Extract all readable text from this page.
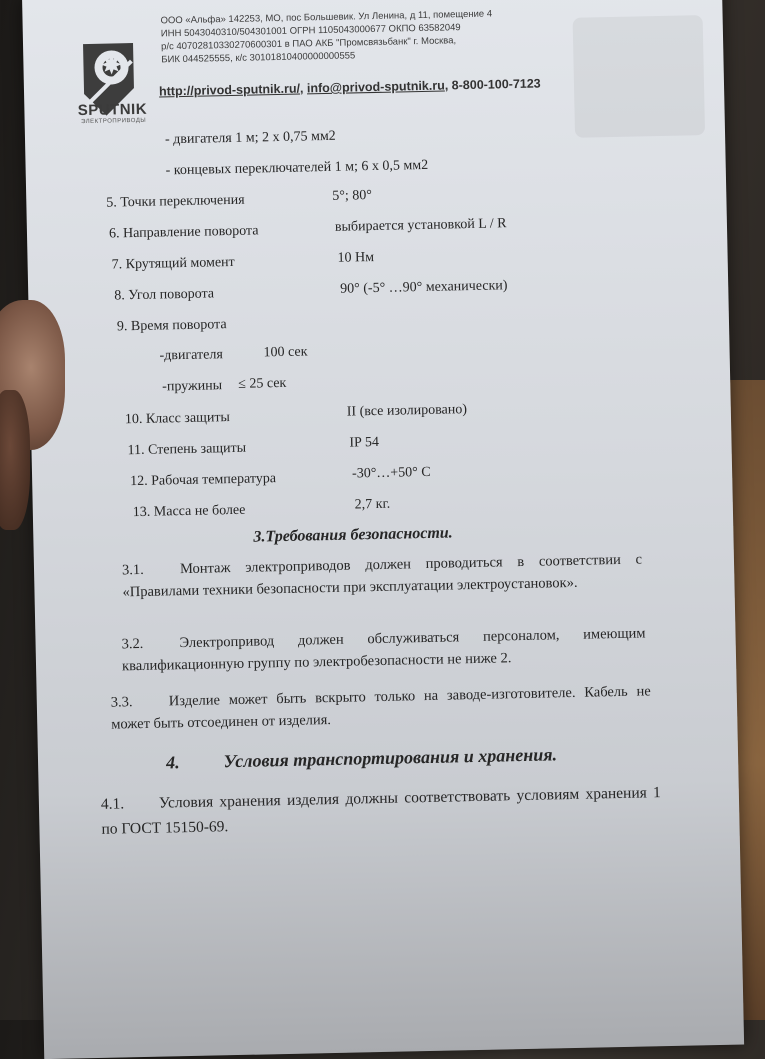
SPUTNIK
ЭЛЕКТРОПРИВОДЫ
ООО «Альфа» 142253, МО, пос Большевик. Ул Ленина, д 11, помещение 4
ИНН 5043040310/504301001 ОГРН 1105043000677 ОКПО 63582049
р/с 40702810330270600301 в ПАО АКБ "Промсвязьбанк" г. Москва,
БИК 044525555, к/с 30101810400000000555
http://privod-sputnik.ru/, info@privod-sputnik.ru, 8-800-100-7123
- двигателя 1 м; 2 х 0,75 мм2
- концевых переключателей 1 м; 6 х 0,5 мм2
5. Точки переключения	5°; 80°
6. Направление поворота	выбирается установкой L / R
7. Крутящий момент	10 Нм
8. Угол поворота	90° (-5° …90° механически)
9. Время поворота
-двигателя	100 сек
-пружины ≤ 25 сек
10. Класс защиты	II (все изолировано)
11. Степень защиты	IP 54
12. Рабочая температура	-30°…+50° С
13. Масса не более	2,7 кг.
3.Требования безопасности.
3.1. Монтаж электроприводов должен проводиться в соответствии с «Правилами техники безопасности при эксплуатации электроустановок».
3.2. Электропривод должен обслуживаться персоналом, имеющим квалификационную группу по электробезопасности не ниже 2.
3.3. Изделие может быть вскрыто только на заводе-изготовителе. Кабель не может быть отсоединен от изделия.
4. Условия транспортирования и хранения.
4.1. Условия хранения изделия должны соответствовать условиям хранения 1 по ГОСТ 15150-69.
